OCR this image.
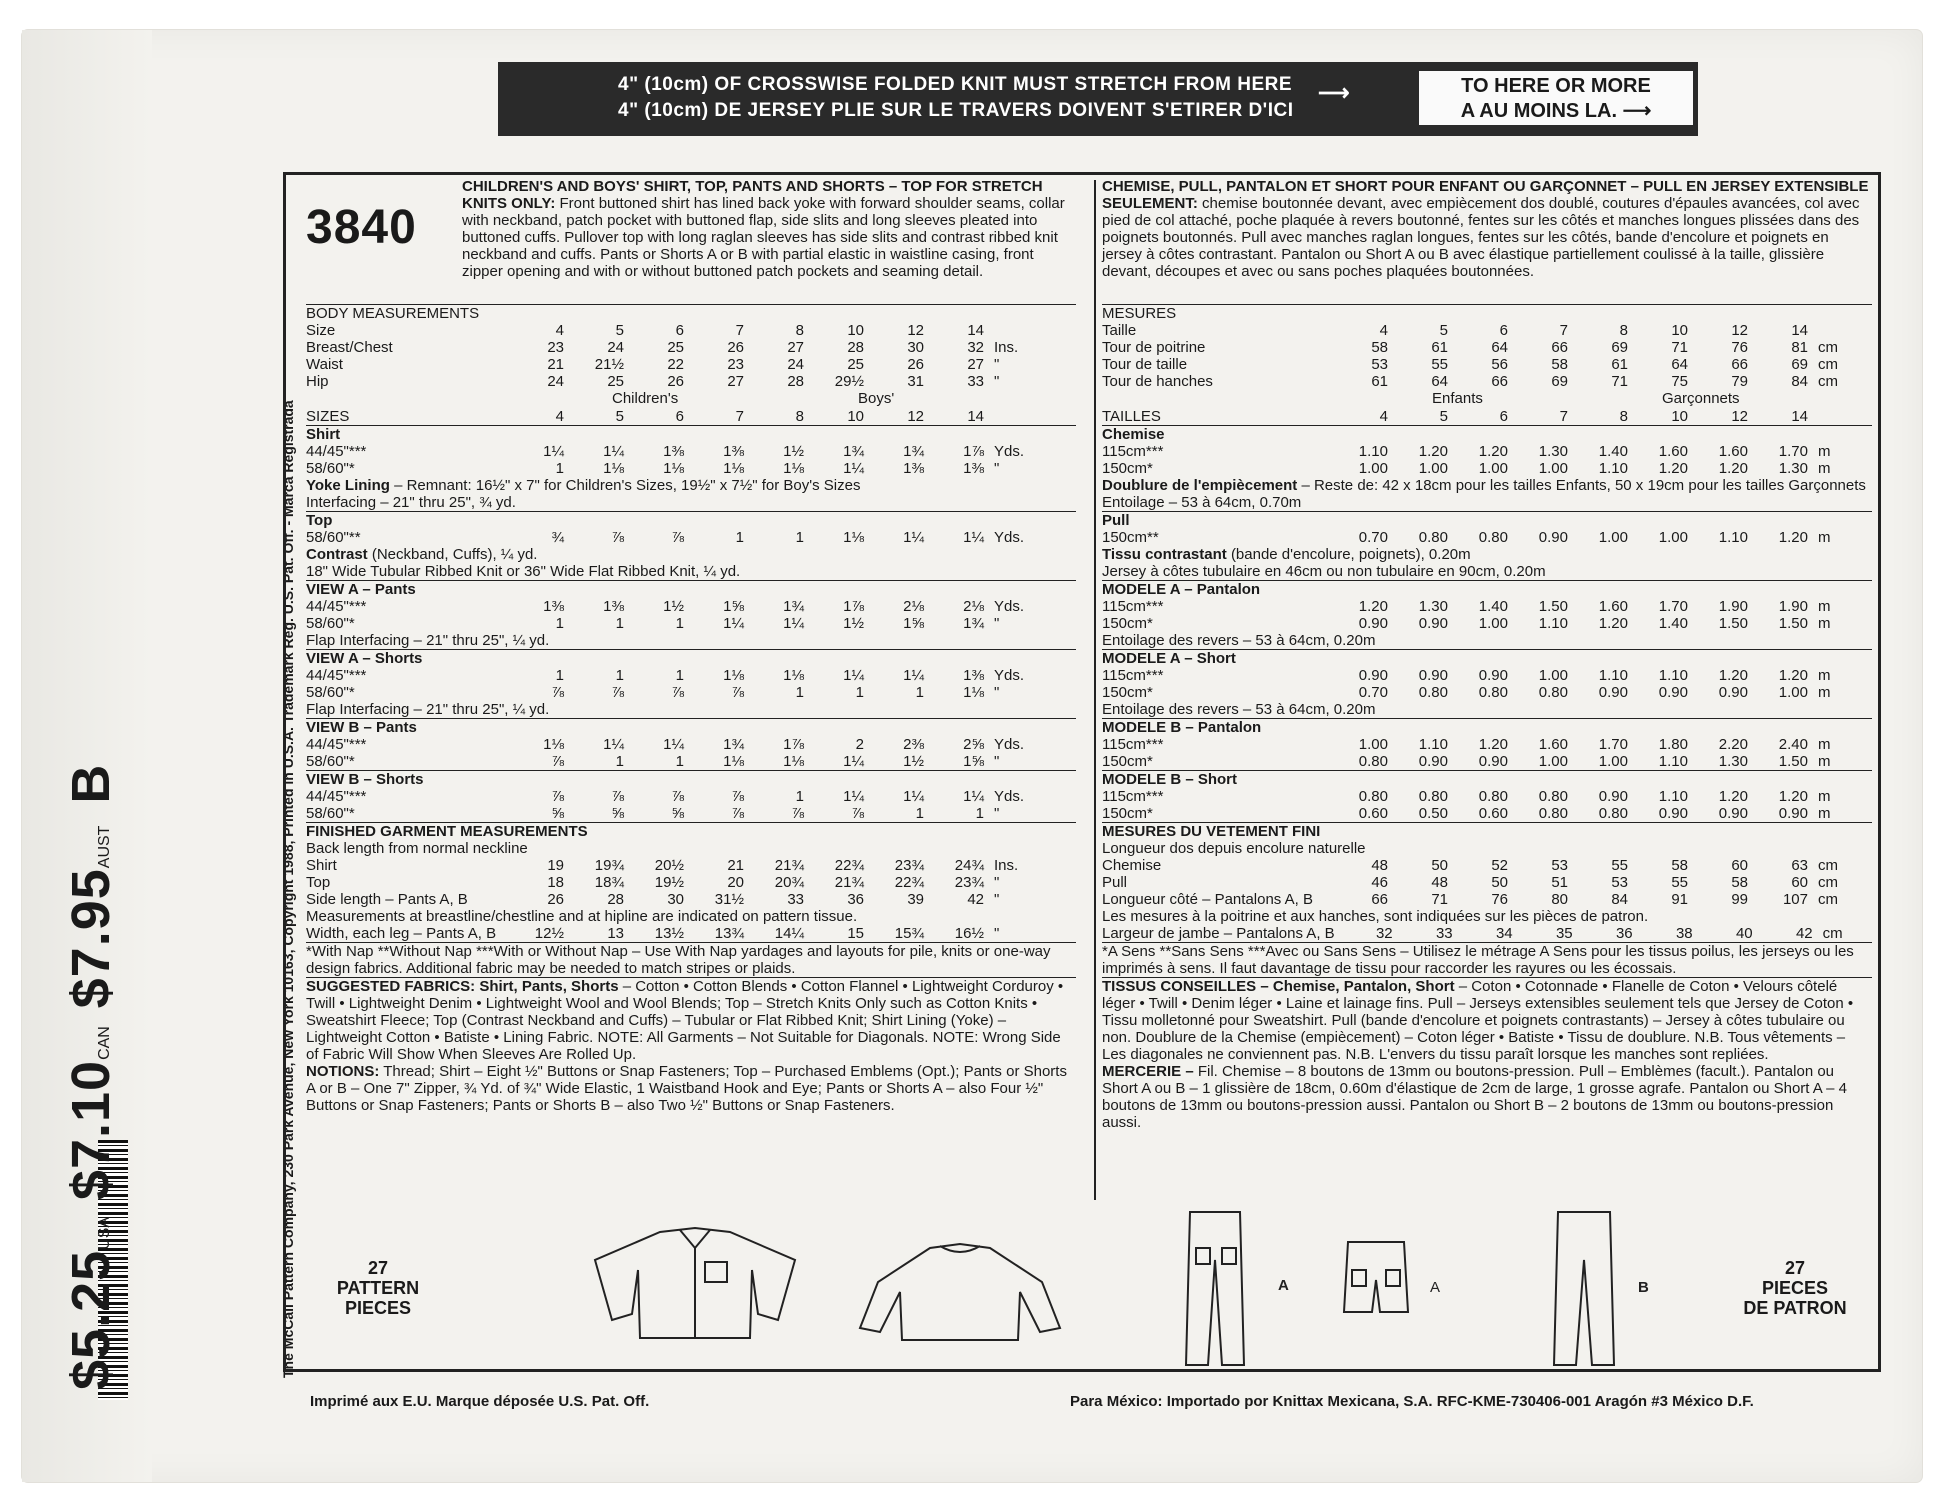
4" (10cm) OF CROSSWISE FOLDED KNIT MUST STRETCH FROM HERE
4" (10cm) DE JERSEY PLIE SUR LE TRAVERS DOIVENT S'ETIRER D'ICI
⟶	TO HERE OR MORE
A AU MOINS LA. ⟶
$5.25USA    $7.10CAN    $7.95AUST     B	The McCall Pattern Company, 230 Park Avenue, New York 10163, Copyright 1988, Printed in U.S.A. Trademark Reg. U.S. Pat. Off. - Marca Registrada
3840
CHILDREN'S AND BOYS' SHIRT, TOP, PANTS AND SHORTS – TOP FOR STRETCH KNITS ONLY: Front buttoned shirt has lined back yoke with forward shoulder seams, collar with neckband, patch pocket with buttoned flap, side slits and long sleeves pleated into buttoned cuffs. Pullover top with long raglan sleeves has side slits and contrast ribbed knit neckband and cuffs. Pants or Shorts A or B with partial elastic in waistline casing, front zipper opening and with or without buttoned patch pockets and seaming detail.
BODY MEASUREMENTS
Size	4	5	6	7	8	10	12	14	
Breast/Chest	23	24	25	26	27	28	30	32	Ins.
Waist	21	21½	22	23	24	25	26	27	"
Hip	24	25	26	27	28	29½	31	33	"
Children's	Boys'
SIZES	4	5	6	7	8	10	12	14	
Shirt
44/45"***	1¼	1¼	1⅜	1⅜	1½	1¾	1¾	1⅞	Yds.
58/60"*	1	1⅛	1⅛	1⅛	1⅛	1¼	1⅜	1⅜	"
Yoke Lining – Remnant: 16½" x 7" for Children's Sizes, 19½" x 7½" for Boy's Sizes
Interfacing – 21" thru 25", ¾ yd.
Top
58/60"**	¾	⅞	⅞	1	1	1⅛	1¼	1¼	Yds.
Contrast (Neckband, Cuffs), ¼ yd.
18" Wide Tubular Ribbed Knit or 36" Wide Flat Ribbed Knit, ¼ yd.
VIEW A – Pants
44/45"***	1⅜	1⅜	1½	1⅝	1¾	1⅞	2⅛	2⅛	Yds.
58/60"*	1	1	1	1¼	1¼	1½	1⅝	1¾	"
Flap Interfacing – 21" thru 25", ¼ yd.
VIEW A – Shorts
44/45"***	1	1	1	1⅛	1⅛	1¼	1¼	1⅜	Yds.
58/60"*	⅞	⅞	⅞	⅞	1	1	1	1⅛	"
Flap Interfacing – 21" thru 25", ¼ yd.
VIEW B – Pants
44/45"***	1⅛	1¼	1¼	1¾	1⅞	2	2⅜	2⅝	Yds.
58/60"*	⅞	1	1	1⅛	1⅛	1¼	1½	1⅝	"
VIEW B – Shorts
44/45"***	⅞	⅞	⅞	⅞	1	1¼	1¼	1¼	Yds.
58/60"*	⅝	⅝	⅝	⅞	⅞	⅞	1	1	"
FINISHED GARMENT MEASUREMENTS
Back length from normal neckline
Shirt	19	19¾	20½	21	21¾	22¾	23¾	24¾	Ins.
Top	18	18¾	19½	20	20¾	21¾	22¾	23¾	"
Side length – Pants A, B	26	28	30	31½	33	36	39	42	"
Measurements at breastline/chestline and at hipline are indicated on pattern tissue.
Width, each leg – Pants A, B	12½	13	13½	13¾	14¼	15	15¾	16½	"
*With Nap **Without Nap ***With or Without Nap – Use With Nap yardages and layouts for pile, knits or one-way design fabrics. Additional fabric may be needed to match stripes or plaids.
SUGGESTED FABRICS: Shirt, Pants, Shorts – Cotton • Cotton Blends • Cotton Flannel • Lightweight Corduroy • Twill • Lightweight Denim • Lightweight Wool and Wool Blends; Top – Stretch Knits Only such as Cotton Knits • Sweatshirt Fleece; Top (Contrast Neckband and Cuffs) – Tubular or Flat Ribbed Knit; Shirt Lining (Yoke) – Lightweight Cotton • Batiste • Lining Fabric. NOTE: All Garments – Not Suitable for Diagonals. NOTE: Wrong Side of Fabric Will Show When Sleeves Are Rolled Up.
NOTIONS: Thread; Shirt – Eight ½" Buttons or Snap Fasteners; Top – Purchased Emblems (Opt.); Pants or Shorts A or B – One 7" Zipper, ¾ Yd. of ¾" Wide Elastic, 1 Waistband Hook and Eye; Pants or Shorts A – also Four ½" Buttons or Snap Fasteners; Pants or Shorts B – also Two ½" Buttons or Snap Fasteners.
CHEMISE, PULL, PANTALON ET SHORT POUR ENFANT OU GARÇONNET – PULL EN JERSEY EXTENSIBLE SEULEMENT: chemise boutonnée devant, avec empiècement dos doublé, coutures d'épaules avancées, col avec pied de col attaché, poche plaquée à revers boutonné, fentes sur les côtés et manches longues plissées dans des poignets boutonnés. Pull avec manches raglan longues, fentes sur les côtés, bande d'encolure et poignets en jersey à côtes contrastant. Pantalon ou Short A ou B avec élastique partiellement coulissé à la taille, glissière devant, découpes et avec ou sans poches plaquées boutonnées.
MESURES
Taille	4	5	6	7	8	10	12	14	
Tour de poitrine	58	61	64	66	69	71	76	81	cm
Tour de taille	53	55	56	58	61	64	66	69	cm
Tour de hanches	61	64	66	69	71	75	79	84	cm
Enfants	Garçonnets
TAILLES	4	5	6	7	8	10	12	14
Chemise
115cm***	1.10	1.20	1.20	1.30	1.40	1.60	1.60	1.70	m
150cm*	1.00	1.00	1.00	1.00	1.10	1.20	1.20	1.30	m
Doublure de l'empiècement – Reste de: 42 x 18cm pour les tailles Enfants, 50 x 19cm pour les tailles Garçonnets
Entoilage – 53 à 64cm, 0.70m
Pull
150cm**	0.70	0.80	0.80	0.90	1.00	1.00	1.10	1.20	m
Tissu contrastant (bande d'encolure, poignets), 0.20m
Jersey à côtes tubulaire en 46cm ou non tubulaire en 90cm, 0.20m
MODELE A – Pantalon
115cm***	1.20	1.30	1.40	1.50	1.60	1.70	1.90	1.90	m
150cm*	0.90	0.90	1.00	1.10	1.20	1.40	1.50	1.50	m
Entoilage des revers – 53 à 64cm, 0.20m
MODELE A – Short
115cm***	0.90	0.90	0.90	1.00	1.10	1.10	1.20	1.20	m
150cm*	0.70	0.80	0.80	0.80	0.90	0.90	0.90	1.00	m
Entoilage des revers – 53 à 64cm, 0.20m
MODELE B – Pantalon
115cm***	1.00	1.10	1.20	1.60	1.70	1.80	2.20	2.40	m
150cm*	0.80	0.90	0.90	1.00	1.00	1.10	1.30	1.50	m
MODELE B – Short
115cm***	0.80	0.80	0.80	0.80	0.90	1.10	1.20	1.20	m
150cm*	0.60	0.50	0.60	0.80	0.80	0.90	0.90	0.90	m
MESURES DU VETEMENT FINI
Longueur dos depuis encolure naturelle
Chemise	48	50	52	53	55	58	60	63	cm
Pull	46	48	50	51	53	55	58	60	cm
Longueur côté – Pantalons A, B	66	71	76	80	84	91	99	107	cm
Les mesures à la poitrine et aux hanches, sont indiquées sur les pièces de patron.
Largeur de jambe – Pantalons A, B	32	33	34	35	36	38	40	42	cm
*A Sens **Sans Sens ***Avec ou Sans Sens – Utilisez le métrage A Sens pour les tissus poilus, les jerseys ou les imprimés à sens. Il faut davantage de tissu pour raccorder les rayures ou les écossais.
TISSUS CONSEILLES – Chemise, Pantalon, Short – Coton • Cotonnade • Flanelle de Coton • Velours côtelé léger • Twill • Denim léger • Laine et lainage fins. Pull – Jerseys extensibles seulement tels que Jersey de Coton • Tissu molletonné pour Sweatshirt. Pull (bande d'encolure et poignets contrastants) – Jersey à côtes tubulaire ou non. Doublure de la Chemise (empiècement) – Coton léger • Batiste • Tissu de doublure. N.B. Tous vêtements – Les diagonales ne conviennent pas. N.B. L'envers du tissu paraît lorsque les manches sont repliées.
MERCERIE – Fil. Chemise – 8 boutons de 13mm ou boutons-pression. Pull – Emblèmes (facult.). Pantalon ou Short A ou B – 1 glissière de 18cm, 0.60m d'élastique de 2cm de large, 1 grosse agrafe. Pantalon ou Short A – 4 boutons de 13mm ou boutons-pression aussi. Pantalon ou Short B – 2 boutons de 13mm ou boutons-pression aussi.
27
PATTERN
PIECES
27
PIECES
DE PATRON
A	A	B
Imprimé aux E.U. Marque déposée U.S. Pat. Off.	Para México: Importado por Knittax Mexicana, S.A. RFC-KME-730406-001 Aragón #3 México D.F.
